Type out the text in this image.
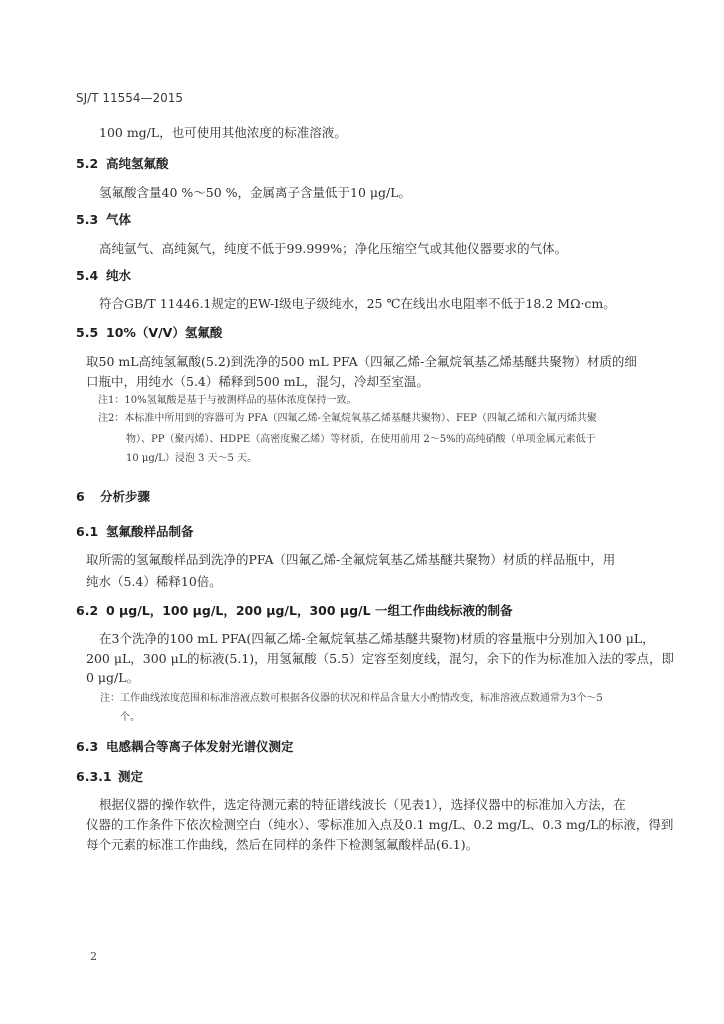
SJ/T 11554—2015
100 mg/L，也可使用其他浓度的标准溶液。
5.2 高纯氢氟酸
氢氟酸含量40 %～50 %，金属离子含量低于10 μg/L。
5.3 气体
高纯氩气、高纯氮气，纯度不低于99.999%；净化压缩空气或其他仪器要求的气体。
5.4 纯水
符合GB/T 11446.1规定的EW-Ⅰ级电子级纯水，25 ℃在线出水电阻率不低于18.2 MΩ·cm。
5.5 10%（V/V）氢氟酸
取50 mL高纯氢氟酸(5.2)到洗净的500 mL PFA（四氟乙烯-全氟烷氧基乙烯基醚共聚物）材质的细
口瓶中，用纯水（5.4）稀释到500 mL，混匀，冷却至室温。
注1：10%氢氟酸是基于与被测样品的基体浓度保持一致。
注2：本标准中所用到的容器可为 PFA（四氟乙烯-全氟烷氧基乙烯基醚共聚物）、FEP（四氟乙烯和六氟丙烯共聚
物）、PP（聚丙烯）、HDPE（高密度聚乙烯）等材质，在使用前用 2～5%的高纯硝酸（单项金属元素低于
10 μg/L）浸泡 3 天～5 天。
6 分析步骤
6.1 氢氟酸样品制备
取所需的氢氟酸样品到洗净的PFA（四氟乙烯-全氟烷氧基乙烯基醚共聚物）材质的样品瓶中，用
纯水（5.4）稀释10倍。
6.2 0 μg/L，100 μg/L，200 μg/L，300 μg/L 一组工作曲线标液的制备
在3个洗净的100 mL PFA(四氟乙烯-全氟烷氧基乙烯基醚共聚物)材质的容量瓶中分别加入100 μL，
200 μL，300 μL的标液(5.1)，用氢氟酸（5.5）定容至刻度线，混匀，余下的作为标准加入法的零点，即
0 μg/L。
注：工作曲线浓度范围和标准溶液点数可根据各仪器的状况和样品含量大小酌情改变，标准溶液点数通常为3个～5
个。
6.3 电感耦合等离子体发射光谱仪测定
6.3.1 测定
根据仪器的操作软件，选定待测元素的特征谱线波长（见表1），选择仪器中的标准加入方法，在
仪器的工作条件下依次检测空白（纯水）、零标准加入点及0.1 mg/L、0.2 mg/L、0.3 mg/L的标液，得到
每个元素的标准工作曲线，然后在同样的条件下检测氢氟酸样品(6.1)。
2
